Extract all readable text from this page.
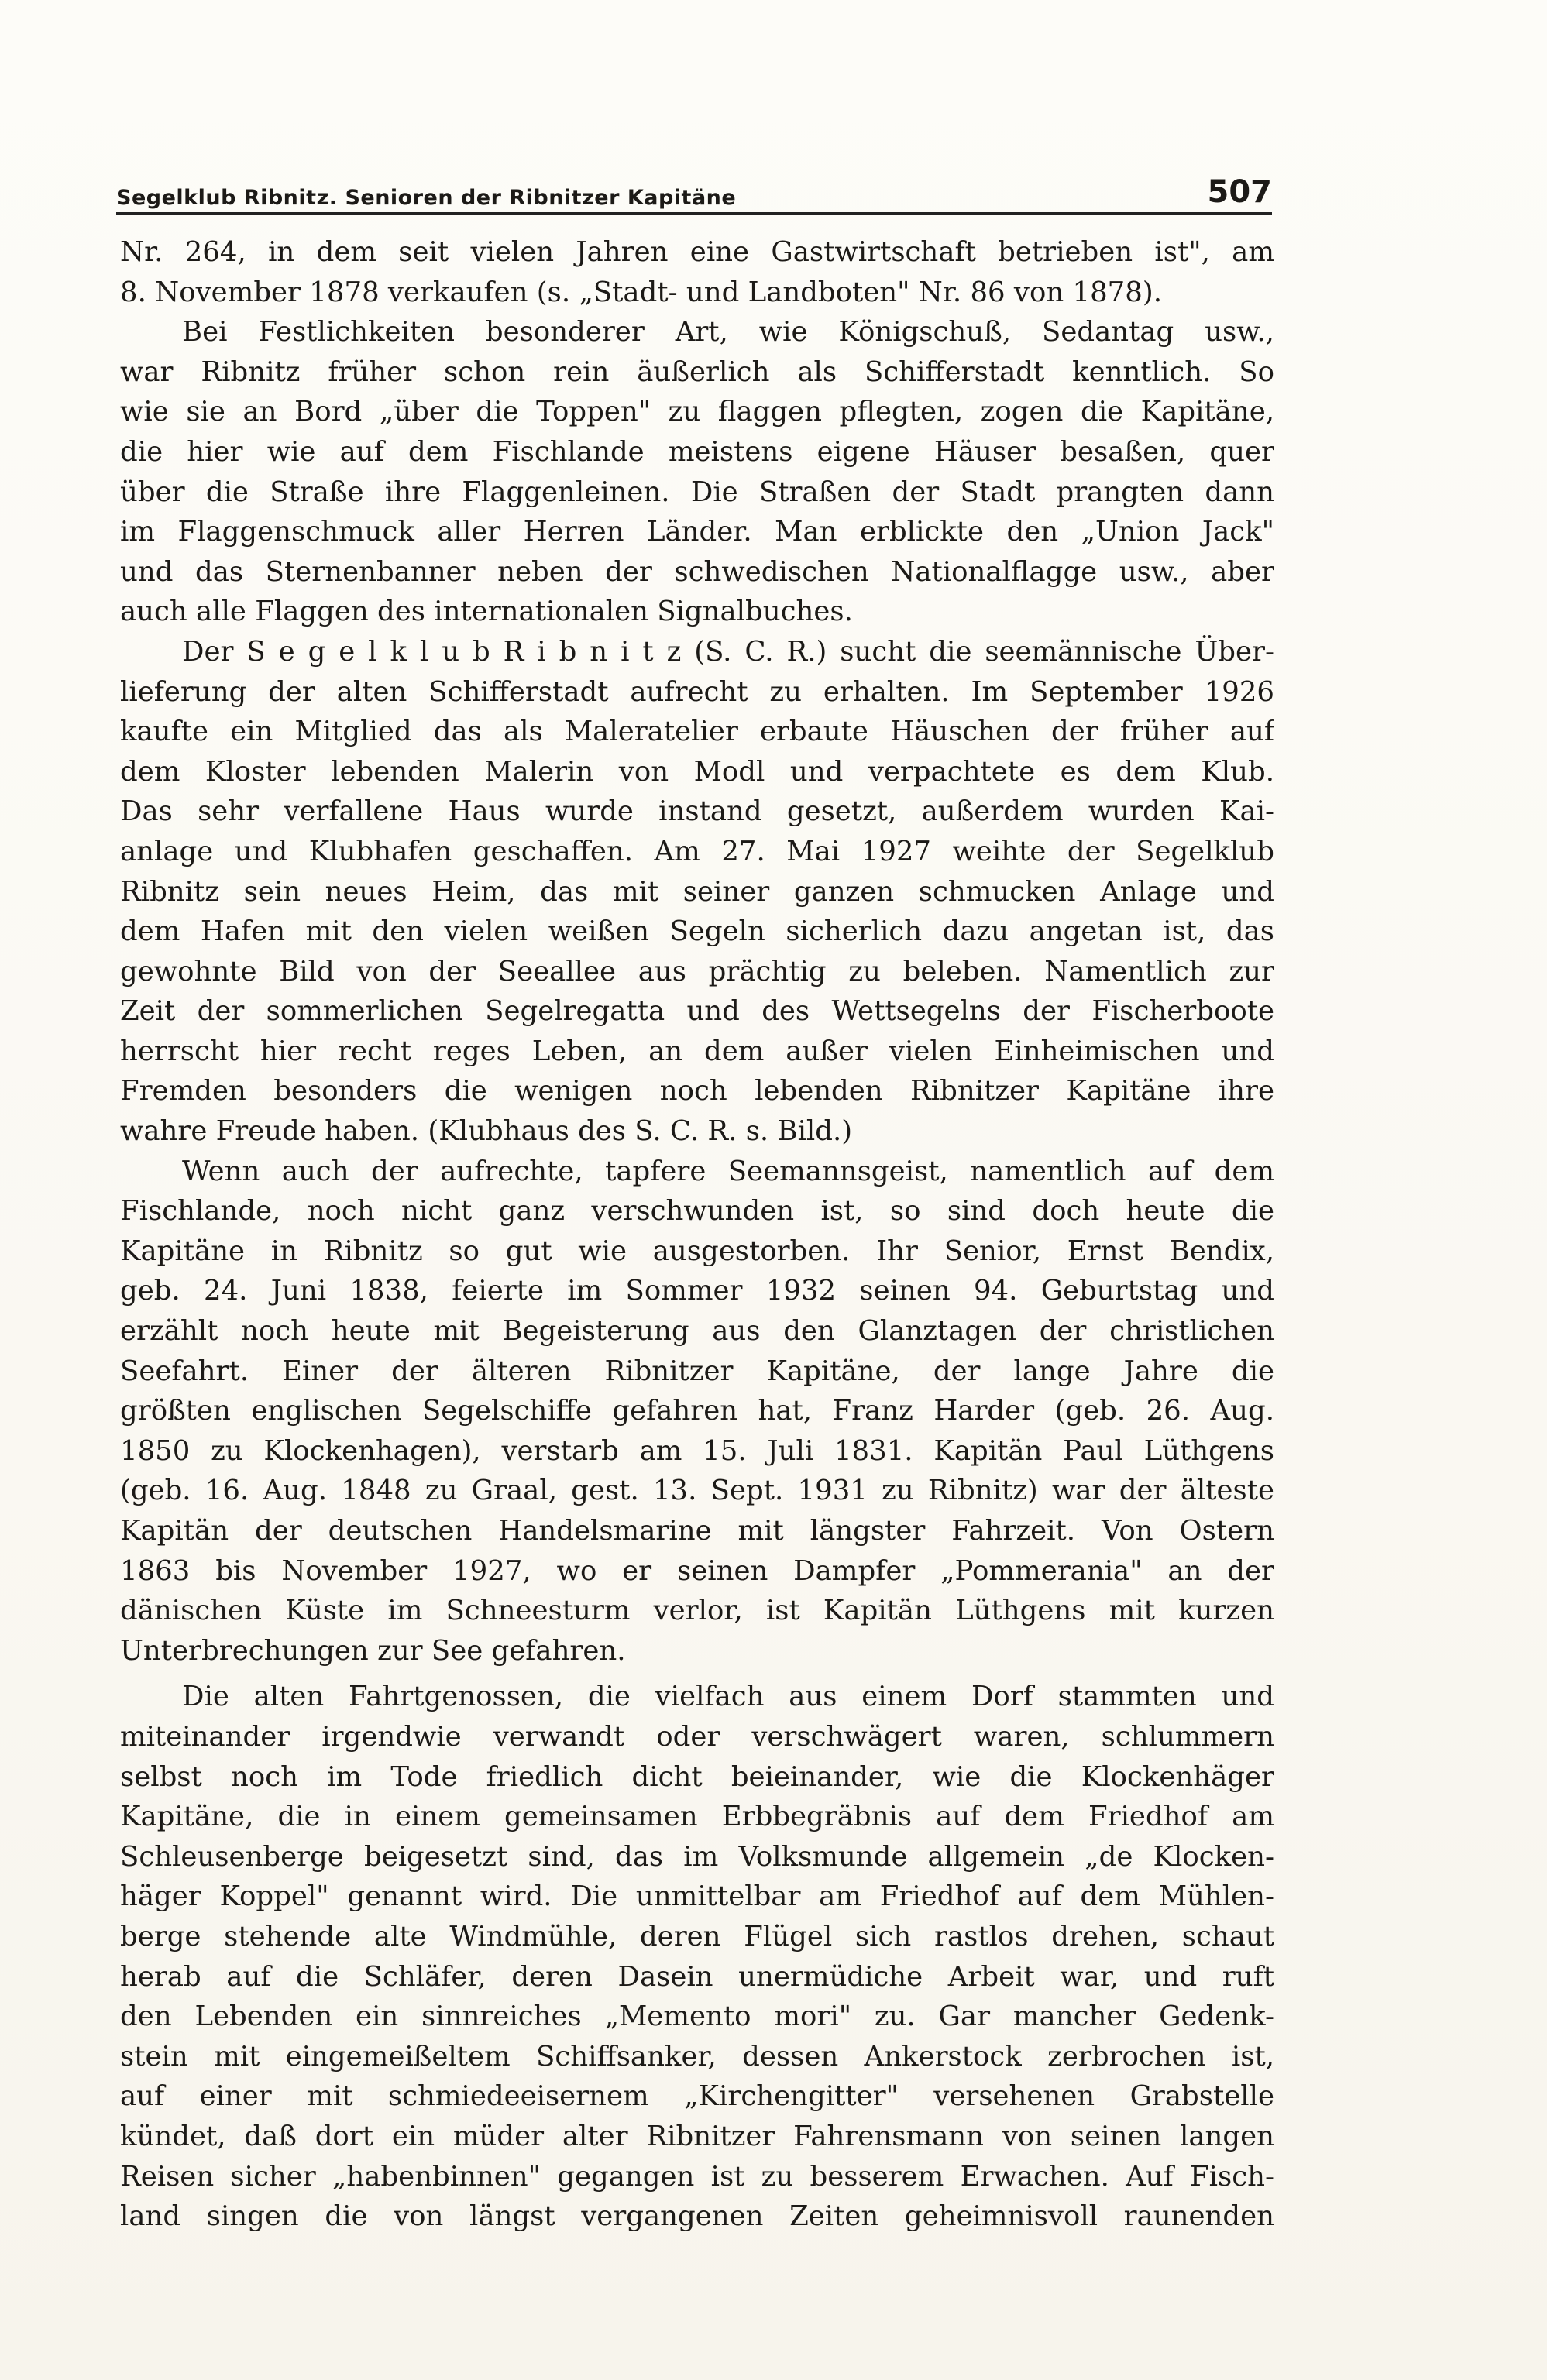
Segelklub Ribnitz. Senioren der Ribnitzer Kapitäne	507
Nr. 264, in dem seit vielen Jahren eine Gastwirtschaft betrieben ist", am
8. November 1878 verkaufen (s. „Stadt- und Landboten" Nr. 86 von 1878).
Bei Festlichkeiten besonderer Art, wie Königschuß, Sedantag usw.,
war Ribnitz früher schon rein äußerlich als Schifferstadt kenntlich. So
wie sie an Bord „über die Toppen" zu flaggen pflegten, zogen die Kapitäne,
die hier wie auf dem Fischlande meistens eigene Häuser besaßen, quer
über die Straße ihre Flaggenleinen. Die Straßen der Stadt prangten dann
im Flaggenschmuck aller Herren Länder. Man erblickte den „Union Jack"
und das Sternenbanner neben der schwedischen Nationalflagge usw., aber
auch alle Flaggen des internationalen Signalbuches.
Der S e g e l k l u b R i b n i t z (S. C. R.) sucht die seemännische Über-
lieferung der alten Schifferstadt aufrecht zu erhalten. Im September 1926
kaufte ein Mitglied das als Maleratelier erbaute Häuschen der früher auf
dem Kloster lebenden Malerin von Modl und verpachtete es dem Klub.
Das sehr verfallene Haus wurde instand gesetzt, außerdem wurden Kai-
anlage und Klubhafen geschaffen. Am 27. Mai 1927 weihte der Segelklub
Ribnitz sein neues Heim, das mit seiner ganzen schmucken Anlage und
dem Hafen mit den vielen weißen Segeln sicherlich dazu angetan ist, das
gewohnte Bild von der Seeallee aus prächtig zu beleben. Namentlich zur
Zeit der sommerlichen Segelregatta und des Wettsegelns der Fischerboote
herrscht hier recht reges Leben, an dem außer vielen Einheimischen und
Fremden besonders die wenigen noch lebenden Ribnitzer Kapitäne ihre
wahre Freude haben. (Klubhaus des S. C. R. s. Bild.)
Wenn auch der aufrechte, tapfere Seemannsgeist, namentlich auf dem
Fischlande, noch nicht ganz verschwunden ist, so sind doch heute die
Kapitäne in Ribnitz so gut wie ausgestorben. Ihr Senior, Ernst Bendix,
geb. 24. Juni 1838, feierte im Sommer 1932 seinen 94. Geburtstag und
erzählt noch heute mit Begeisterung aus den Glanztagen der christlichen
Seefahrt. Einer der älteren Ribnitzer Kapitäne, der lange Jahre die
größten englischen Segelschiffe gefahren hat, Franz Harder (geb. 26. Aug.
1850 zu Klockenhagen), verstarb am 15. Juli 1831. Kapitän Paul Lüthgens
(geb. 16. Aug. 1848 zu Graal, gest. 13. Sept. 1931 zu Ribnitz) war der älteste
Kapitän der deutschen Handelsmarine mit längster Fahrzeit. Von Ostern
1863 bis November 1927, wo er seinen Dampfer „Pommerania" an der
dänischen Küste im Schneesturm verlor, ist Kapitän Lüthgens mit kurzen
Unterbrechungen zur See gefahren.
Die alten Fahrtgenossen, die vielfach aus einem Dorf stammten und
miteinander irgendwie verwandt oder verschwägert waren, schlummern
selbst noch im Tode friedlich dicht beieinander, wie die Klockenhäger
Kapitäne, die in einem gemeinsamen Erbbegräbnis auf dem Friedhof am
Schleusenberge beigesetzt sind, das im Volksmunde allgemein „de Klocken-
häger Koppel" genannt wird. Die unmittelbar am Friedhof auf dem Mühlen-
berge stehende alte Windmühle, deren Flügel sich rastlos drehen, schaut
herab auf die Schläfer, deren Dasein unermüdiche Arbeit war, und ruft
den Lebenden ein sinnreiches „Memento mori" zu. Gar mancher Gedenk-
stein mit eingemeißeltem Schiffsanker, dessen Ankerstock zerbrochen ist,
auf einer mit schmiedeeisernem „Kirchengitter" versehenen Grabstelle
kündet, daß dort ein müder alter Ribnitzer Fahrensmann von seinen langen
Reisen sicher „habenbinnen" gegangen ist zu besserem Erwachen. Auf Fisch-
land singen die von längst vergangenen Zeiten geheimnisvoll raunenden
